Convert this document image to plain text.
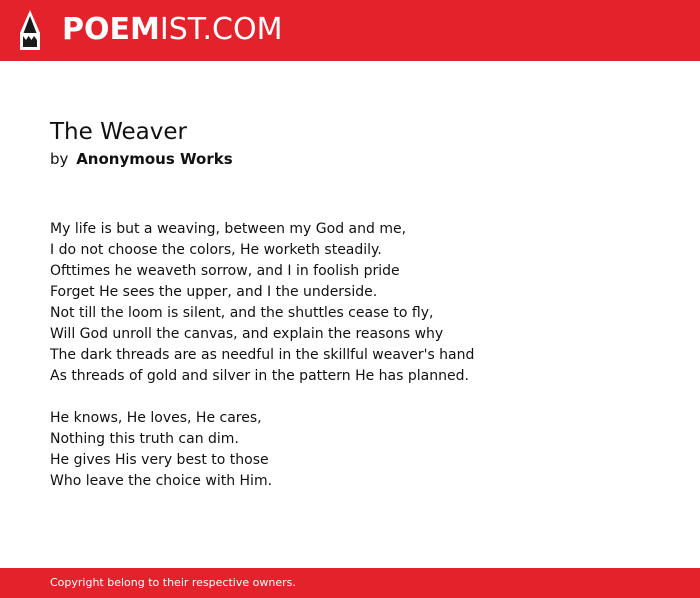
POEMIST.COM
The Weaver
by Anonymous Works

My life is but a weaving, between my God and me,
I do not choose the colors, He worketh steadily.
Ofttimes he weaveth sorrow, and I in foolish pride
Forget He sees the upper, and I the underside.
Not till the loom is silent, and the shuttles cease to fly,
Will God unroll the canvas, and explain the reasons why
The dark threads are as needful in the skillful weaver's hand
As threads of gold and silver in the pattern He has planned.

He knows, He loves, He cares,
Nothing this truth can dim.
He gives His very best to those
Who leave the choice with Him.

Copyright belong to their respective owners.
